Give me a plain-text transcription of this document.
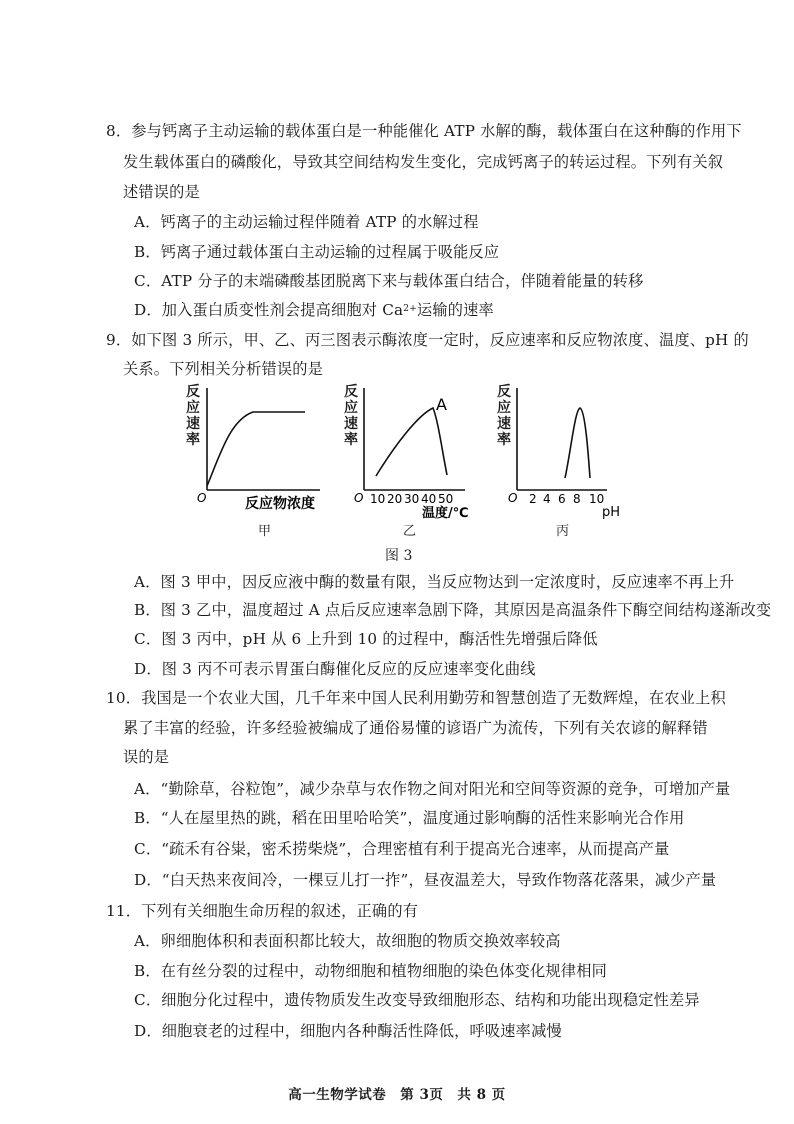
8．参与钙离子主动运输的载体蛋白是一种能催化 ATP 水解的酶，载体蛋白在这种酶的作用下
发生载体蛋白的磷酸化，导致其空间结构发生变化，完成钙离子的转运过程。下列有关叙
述错误的是
A．钙离子的主动运输过程伴随着 ATP 的水解过程
B．钙离子通过载体蛋白主动运输的过程属于吸能反应
C．ATP 分子的末端磷酸基团脱离下来与载体蛋白结合，伴随着能量的转移
D．加入蛋白质变性剂会提高细胞对 $Ca^{2+}$运输的速率
9．如下图 3 所示，甲、乙、丙三图表示酶浓度一定时，反应速率和反应物浓度、温度、pH 的
关系。下列相关分析错误的是
O	反应物浓度
A
O 10 20 30 40 50
温度/℃
O 2 4 6 8 10
pH
反应速率
反应速率
反应速率
甲	乙	丙
图 3
A．图 3 甲中，因反应液中酶的数量有限，当反应物达到一定浓度时，反应速率不再上升
B．图 3 乙中，温度超过 A 点后反应速率急剧下降，其原因是高温条件下酶空间结构遂渐改变
C．图 3 丙中，pH 从 6 上升到 10 的过程中，酶活性先增强后降低
D．图 3 丙不可表示胃蛋白酶催化反应的反应速率变化曲线
10．我国是一个农业大国，几千年来中国人民利用勤劳和智慧创造了无数辉煌，在农业上积
累了丰富的经验，许多经验被编成了通俗易懂的谚语广为流传，下列有关农谚的解释错
误的是
A．“勤除草，谷粒饱”，减少杂草与农作物之间对阳光和空间等资源的竞争，可增加产量
B．“人在屋里热的跳，稻在田里哈哈笑”，温度通过影响酶的活性来影响光合作用
C．“疏禾有谷粜，密禾捞柴烧”，合理密植有利于提高光合速率，从而提高产量
D．“白天热来夜间冷，一棵豆儿打一拃”，昼夜温差大，导致作物落花落果，减少产量
11．下列有关细胞生命历程的叙述，正确的有
A．卵细胞体积和表面积都比较大，故细胞的物质交换效率较高
B．在有丝分裂的过程中，动物细胞和植物细胞的染色体变化规律相同
C．细胞分化过程中，遗传物质发生改变导致细胞形态、结构和功能出现稳定性差异
D．细胞衰老的过程中，细胞内各种酶活性降低，呼吸速率减慢
高一生物学试卷　第 3页　共 8 页
